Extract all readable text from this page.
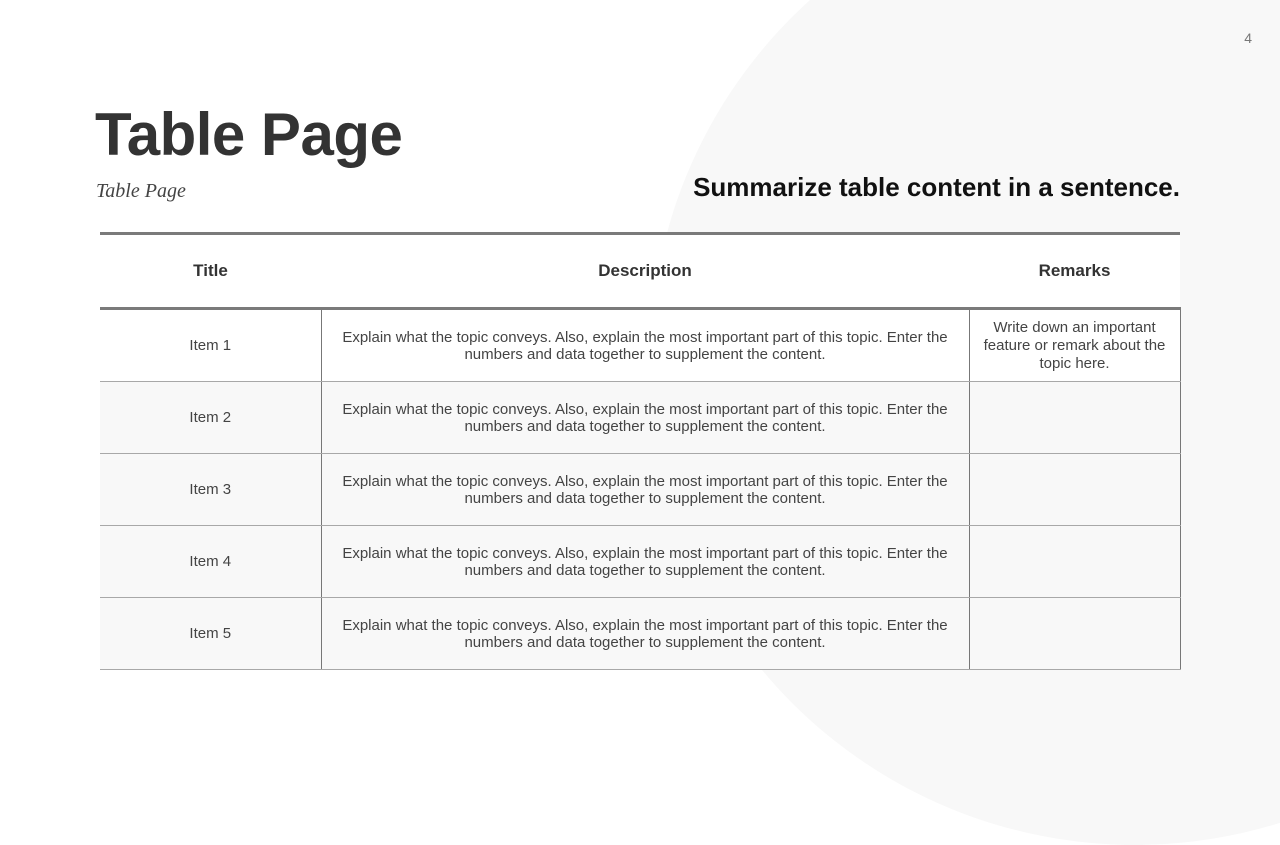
4
Table Page
Table Page	Summarize table content in a sentence.
Title	Description	Remarks
Item 1	Explain what the topic conveys. Also, explain the most important part of this topic. Enter the numbers and data together to supplement the content.	Write down an important feature or remark about the topic here.
Item 2	Explain what the topic conveys. Also, explain the most important part of this topic. Enter the numbers and data together to supplement the content.	
Item 3	Explain what the topic conveys. Also, explain the most important part of this topic. Enter the numbers and data together to supplement the content.	
Item 4	Explain what the topic conveys. Also, explain the most important part of this topic. Enter the numbers and data together to supplement the content.	
Item 5	Explain what the topic conveys. Also, explain the most important part of this topic. Enter the numbers and data together to supplement the content.	
